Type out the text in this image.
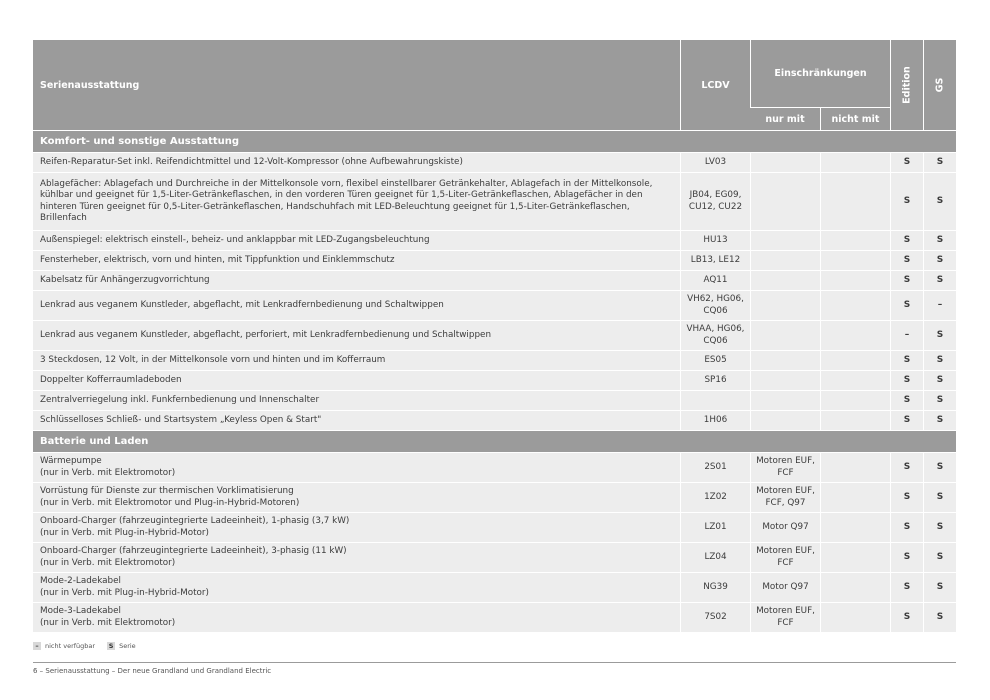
Serienausstattung	LCDV	Einschränkungen		Edition	GS

		nur mit	nicht mit		
Komfort- und sonstige Ausstattung					
Reifen-Reparatur-Set inkl. Reifendichtmittel und 12-Volt-Kompressor (ohne Aufbewahrungskiste)	LV03			S	S
Ablagefächer: Ablagefach und Durchreiche in der Mittelkonsole vorn, flexibel einstellbarer Getränkehalter, Ablagefach in der Mittelkonsole, kühlbar und geeignet für 1,5-Liter-Getränkeflaschen, in den vorderen Türen geeignet für 1,5-Liter-Getränkeflaschen, Ablagefächer in den hinteren Türen geeignet für 0,5-Liter-Getränkeflaschen, Handschuhfach mit LED-Beleuchtung geeignet für 1,5-Liter-Getränkeflaschen, Brillenfach	JB04, EG09, CU12, CU22			S	S
Außenspiegel: elektrisch einstell-, beheiz- und anklappbar mit LED-Zugangsbeleuchtung	HU13			S	S
Fensterheber, elektrisch, vorn und hinten, mit Tippfunktion und Einklemmschutz	LB13, LE12			S	S
Kabelsatz für Anhängerzugvorrichtung	AQ11			S	S
Lenkrad aus veganem Kunstleder, abgeflacht, mit Lenkradfernbedienung und Schaltwippen	VH62, HG06, CQ06			S	–
Lenkrad aus veganem Kunstleder, abgeflacht, perforiert, mit Lenkradfernbedienung und Schaltwippen	VHAA, HG06, CQ06			–	S
3 Steckdosen, 12 Volt, in der Mittelkonsole vorn und hinten und im Kofferraum	ES05			S	S
Doppelter Kofferraumladeboden	SP16			S	S
Zentralverriegelung inkl. Funkfernbedienung und Innenschalter				S	S
Schlüsselloses Schließ- und Startsystem „Keyless Open & Start"	1H06			S	S
Batterie und Laden					

Wärmepumpe
(nur in Verb. mit Elektromotor)	2S01	Motoren EUF, FCF		S	S

Vorrüstung für Dienste zur thermischen Vorklimatisierung
(nur in Verb. mit Elektromotor und Plug-in-Hybrid-Motoren)	1Z02	Motoren EUF, FCF, Q97		S	S

Onboard-Charger (fahrzeugintegrierte Ladeeinheit), 1-phasig (3,7 kW)
(nur in Verb. mit Plug-in-Hybrid-Motor)	LZ01	Motor Q97		S	S

Onboard-Charger (fahrzeugintegrierte Ladeeinheit), 3-phasig (11 kW)
(nur in Verb. mit Elektromotor)	LZ04	Motoren EUF, FCF		S	S

Mode-2-Ladekabel
(nur in Verb. mit Plug-in-Hybrid-Motor)	NG39	Motor Q97		S	S

Mode-3-Ladekabel
(nur in Verb. mit Elektromotor)	7S02	Motoren EUF, FCF		S	S
– nicht verfügbar S Serie
6 – Serienausstattung – Der neue Grandland und Grandland Electric
